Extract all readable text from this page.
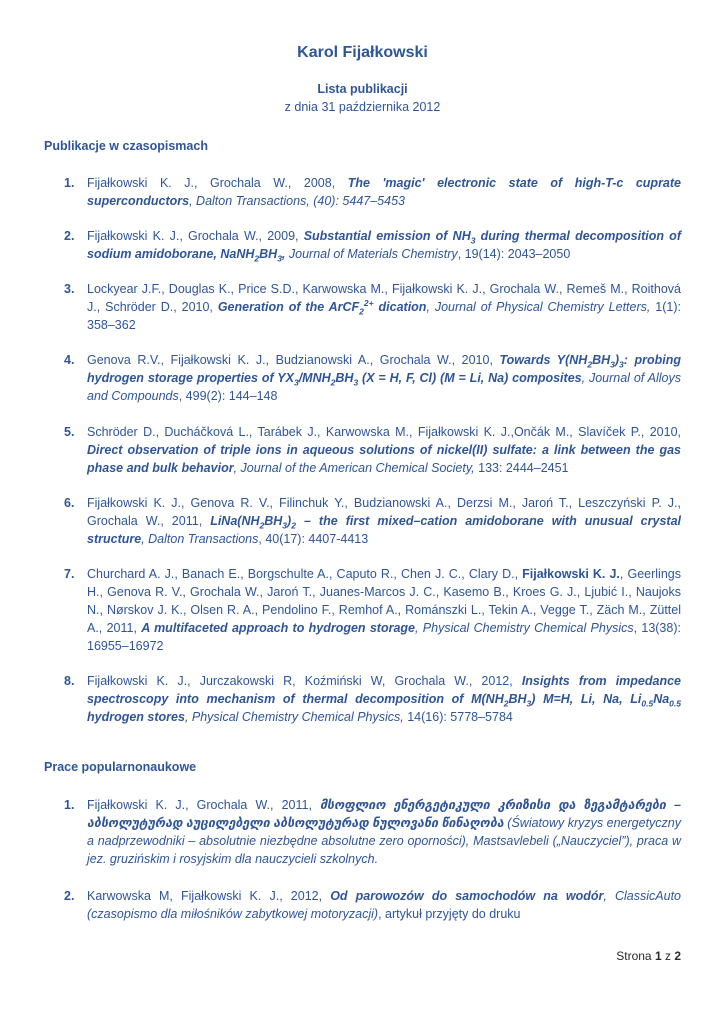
Karol Fijałkowski
Lista publikacji
z dnia 31 października 2012
Publikacje w czasopismach
1. Fijałkowski K. J., Grochala W., 2008, The 'magic' electronic state of high-T-c cuprate superconductors, Dalton Transactions, (40): 5447–5453
2. Fijałkowski K. J., Grochala W., 2009, Substantial emission of $NH_3$ during thermal decomposition of sodium amidoborane, $NaNH_2BH_3$, Journal of Materials Chemistry, 19(14): 2043–2050
3. Lockyear J.F., Douglas K., Price S.D., Karwowska M., Fijałkowski K. J., Grochala W., Remeš M., Roithová J., Schröder D., 2010, Generation of the ArCF$_2^{2+}$ dication, Journal of Physical Chemistry Letters, 1(1): 358–362
4. Genova R.V., Fijałkowski K. J., Budzianowski A., Grochala W., 2010, Towards $Y(NH_2BH_3)_3$: probing hydrogen storage properties of $YX_3/MNH_2BH_3$ (X = H, F, Cl) (M = Li, Na) composites, Journal of Alloys and Compounds, 499(2): 144–148
5. Schröder D., Ducháčková L., Tarábek J., Karwowska M., Fijałkowski K. J.,Ončák M., Slavíček P., 2010, Direct observation of triple ions in aqueous solutions of nickel(II) sulfate: a link between the gas phase and bulk behavior, Journal of the American Chemical Society, 133: 2444–2451
6. Fijałkowski K. J., Genova R. V., Filinchuk Y., Budzianowski A., Derzsi M., Jaroń T., Leszczyński P. J., Grochala W., 2011, $LiNa(NH_2BH_3)_2$ – the first mixed–cation amidoborane with unusual crystal structure, Dalton Transactions, 40(17): 4407-4413
7. Churchard A. J., Banach E., Borgschulte A., Caputo R., Chen J. C., Clary D., Fijałkowski K. J., Geerlings H., Genova R. V., Grochala W., Jaroń T., Juanes-Marcos J. C., Kasemo B., Kroes G. J., Ljubić I., Naujoks N., Nørskov J. K., Olsen R. A., Pendolino F., Remhof A., Románszki L., Tekin A., Vegge T., Zäch M., Züttel A., 2011, A multifaceted approach to hydrogen storage, Physical Chemistry Chemical Physics, 13(38): 16955–16972
8. Fijałkowski K. J., Jurczakowski R, Koźmiński W, Grochala W., 2012, Insights from impedance spectroscopy into mechanism of thermal decomposition of $M(NH_2BH_3)$ M=H, Li, Na, $Li_{0.5}Na_{0.5}$ hydrogen stores, Physical Chemistry Chemical Physics, 14(16): 5778–5784
Prace popularnonaukowe
1. Fijałkowski K. J., Grochala W., 2011, მსოფლიო ენერგეტიკული კრიზისი და ზეგამტარები – აბსოლუტურად აუცილებელი აბსოლუტურად ნულოვანი წინაღობა (Światowy kryzys energetyczny a nadprzewodniki – absolutnie niezbędne absolutne zero oporności), Mastsavlebeli („Nauczyciel”), praca w jez. gruzińskim i rosyjskim dla nauczycieli szkolnych.
2. Karwowska M, Fijałkowski K. J., 2012, Od parowozów do samochodów na wodór, ClassicAuto (czasopismo dla miłośników zabytkowej motoryzacji), artykuł przyjęty do druku
Strona 1 z 2
